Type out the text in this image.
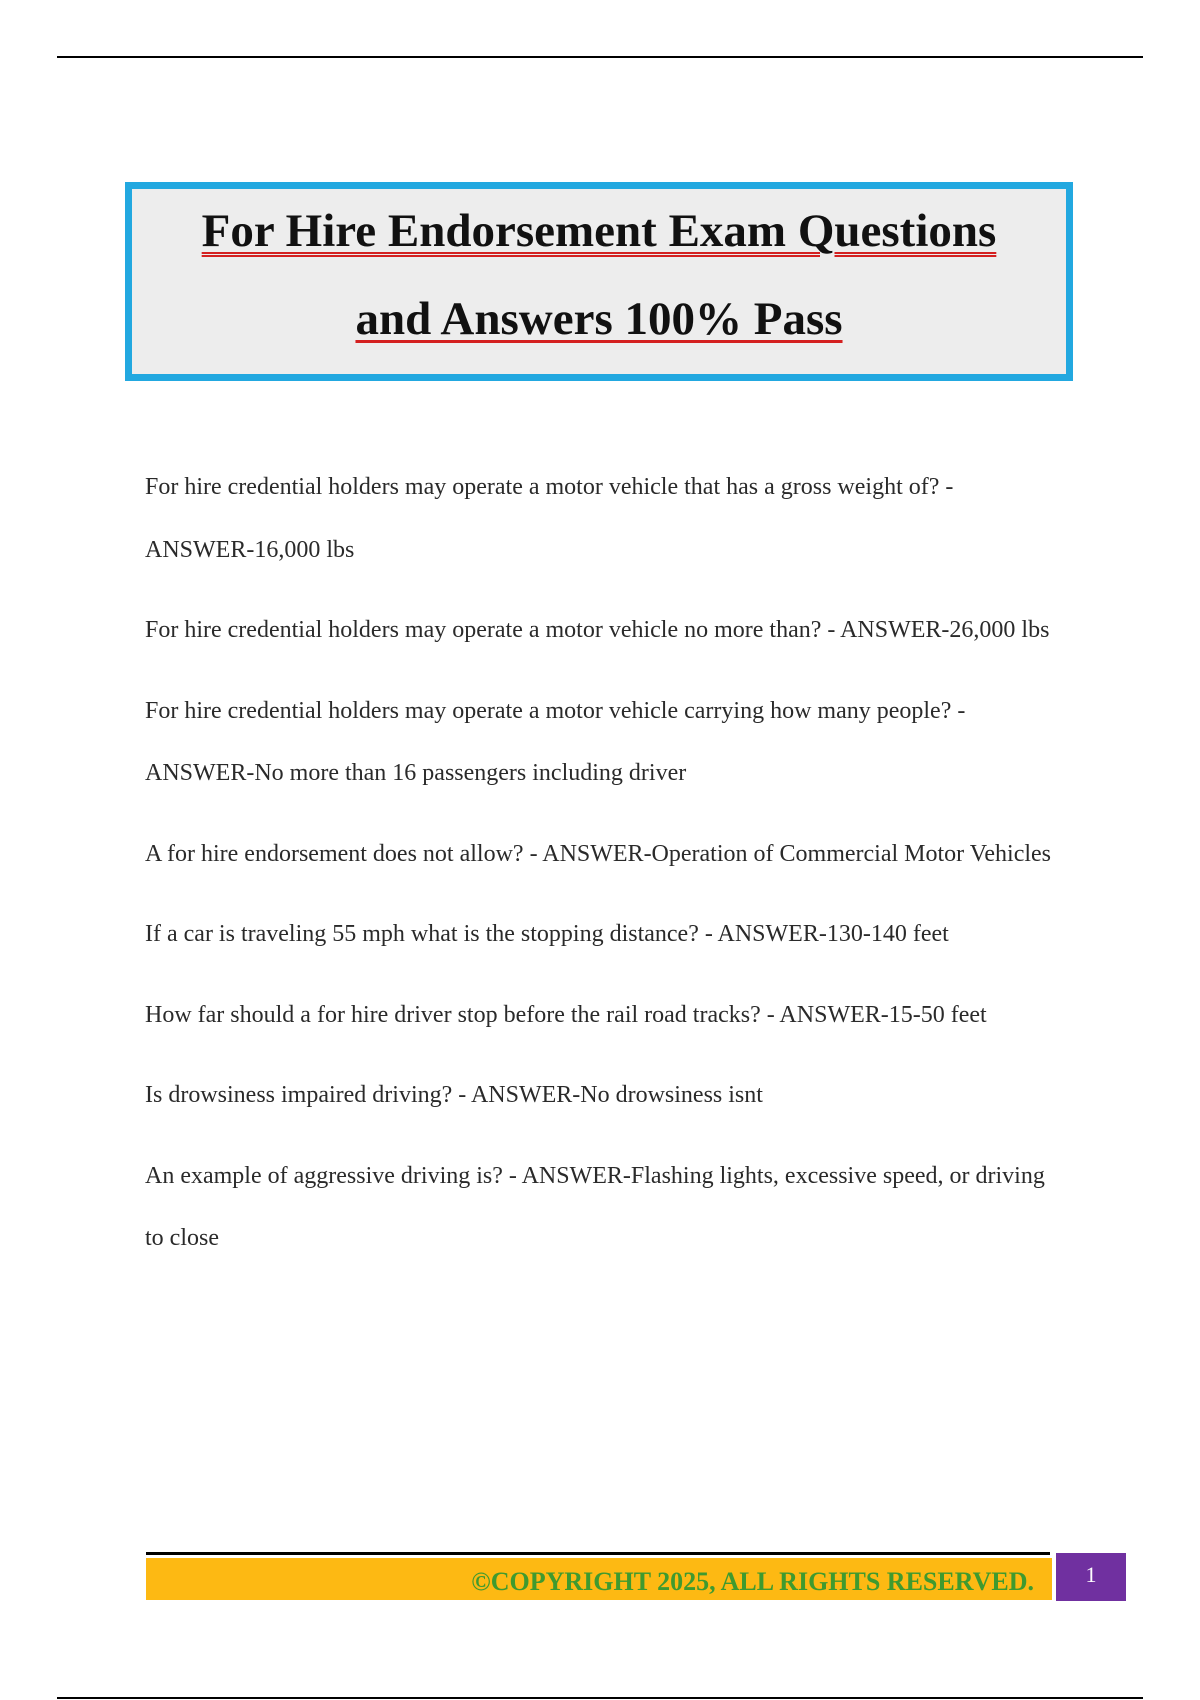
For Hire Endorsement Exam Questions
and Answers 100% Pass

For hire credential holders may operate a motor vehicle that has a gross weight of? - ANSWER-16,000 lbs

For hire credential holders may operate a motor vehicle no more than? - ANSWER-26,000 lbs

For hire credential holders may operate a motor vehicle carrying how many people? - ANSWER-No more than 16 passengers including driver

A for hire endorsement does not allow? - ANSWER-Operation of Commercial Motor Vehicles

If a car is traveling 55 mph what is the stopping distance? - ANSWER-130-140 feet

How far should a for hire driver stop before the rail road tracks? - ANSWER-15-50 feet

Is drowsiness impaired driving? - ANSWER-No drowsiness isnt

An example of aggressive driving is? - ANSWER-Flashing lights, excessive speed, or driving to close

©COPYRIGHT 2025, ALL RIGHTS RESERVED.	1
